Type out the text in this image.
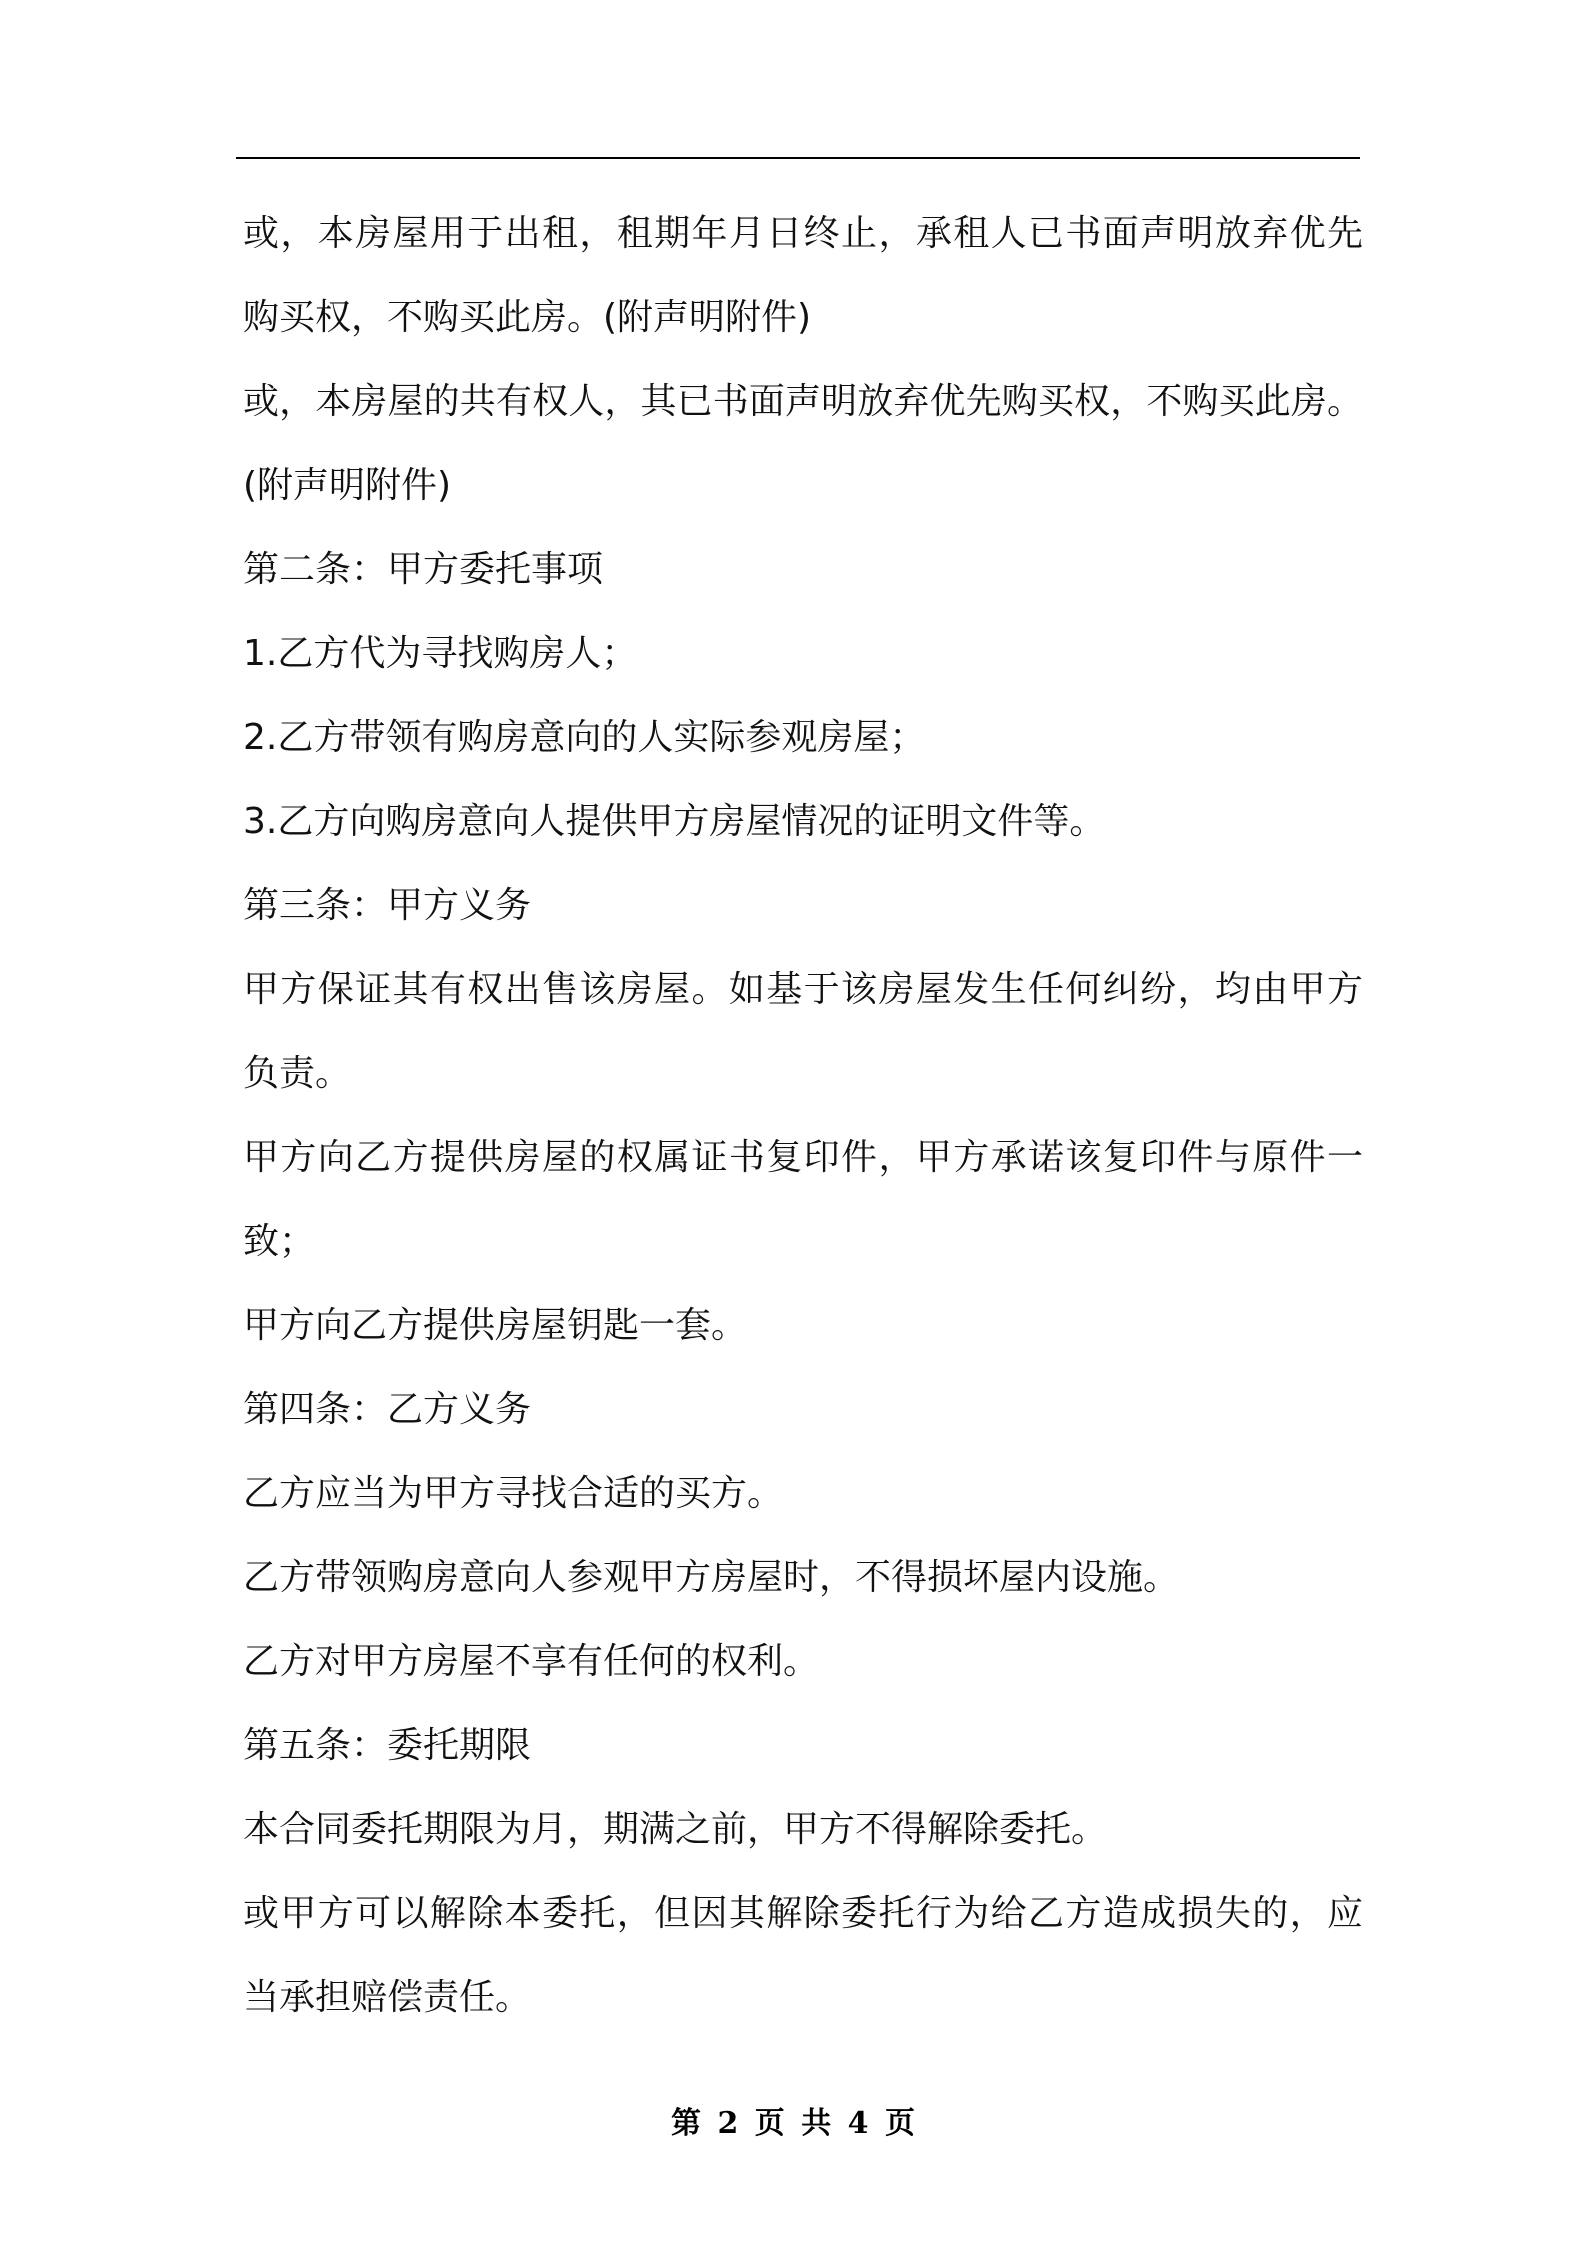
或，本房屋用于出租，租期年月日终止，承租人已书面声明放弃优先
购买权，不购买此房。(附声明附件)
或，本房屋的共有权人，其已书面声明放弃优先购买权，不购买此房。
(附声明附件)
第二条：甲方委托事项
1.乙方代为寻找购房人；
2.乙方带领有购房意向的人实际参观房屋；
3.乙方向购房意向人提供甲方房屋情况的证明文件等。
第三条：甲方义务
甲方保证其有权出售该房屋。如基于该房屋发生任何纠纷，均由甲方
负责。
甲方向乙方提供房屋的权属证书复印件，甲方承诺该复印件与原件一
致；
甲方向乙方提供房屋钥匙一套。
第四条：乙方义务
乙方应当为甲方寻找合适的买方。
乙方带领购房意向人参观甲方房屋时，不得损坏屋内设施。
乙方对甲方房屋不享有任何的权利。
第五条：委托期限
本合同委托期限为月，期满之前，甲方不得解除委托。
或甲方可以解除本委托，但因其解除委托行为给乙方造成损失的，应
当承担赔偿责任。
第 2 页 共 4 页
